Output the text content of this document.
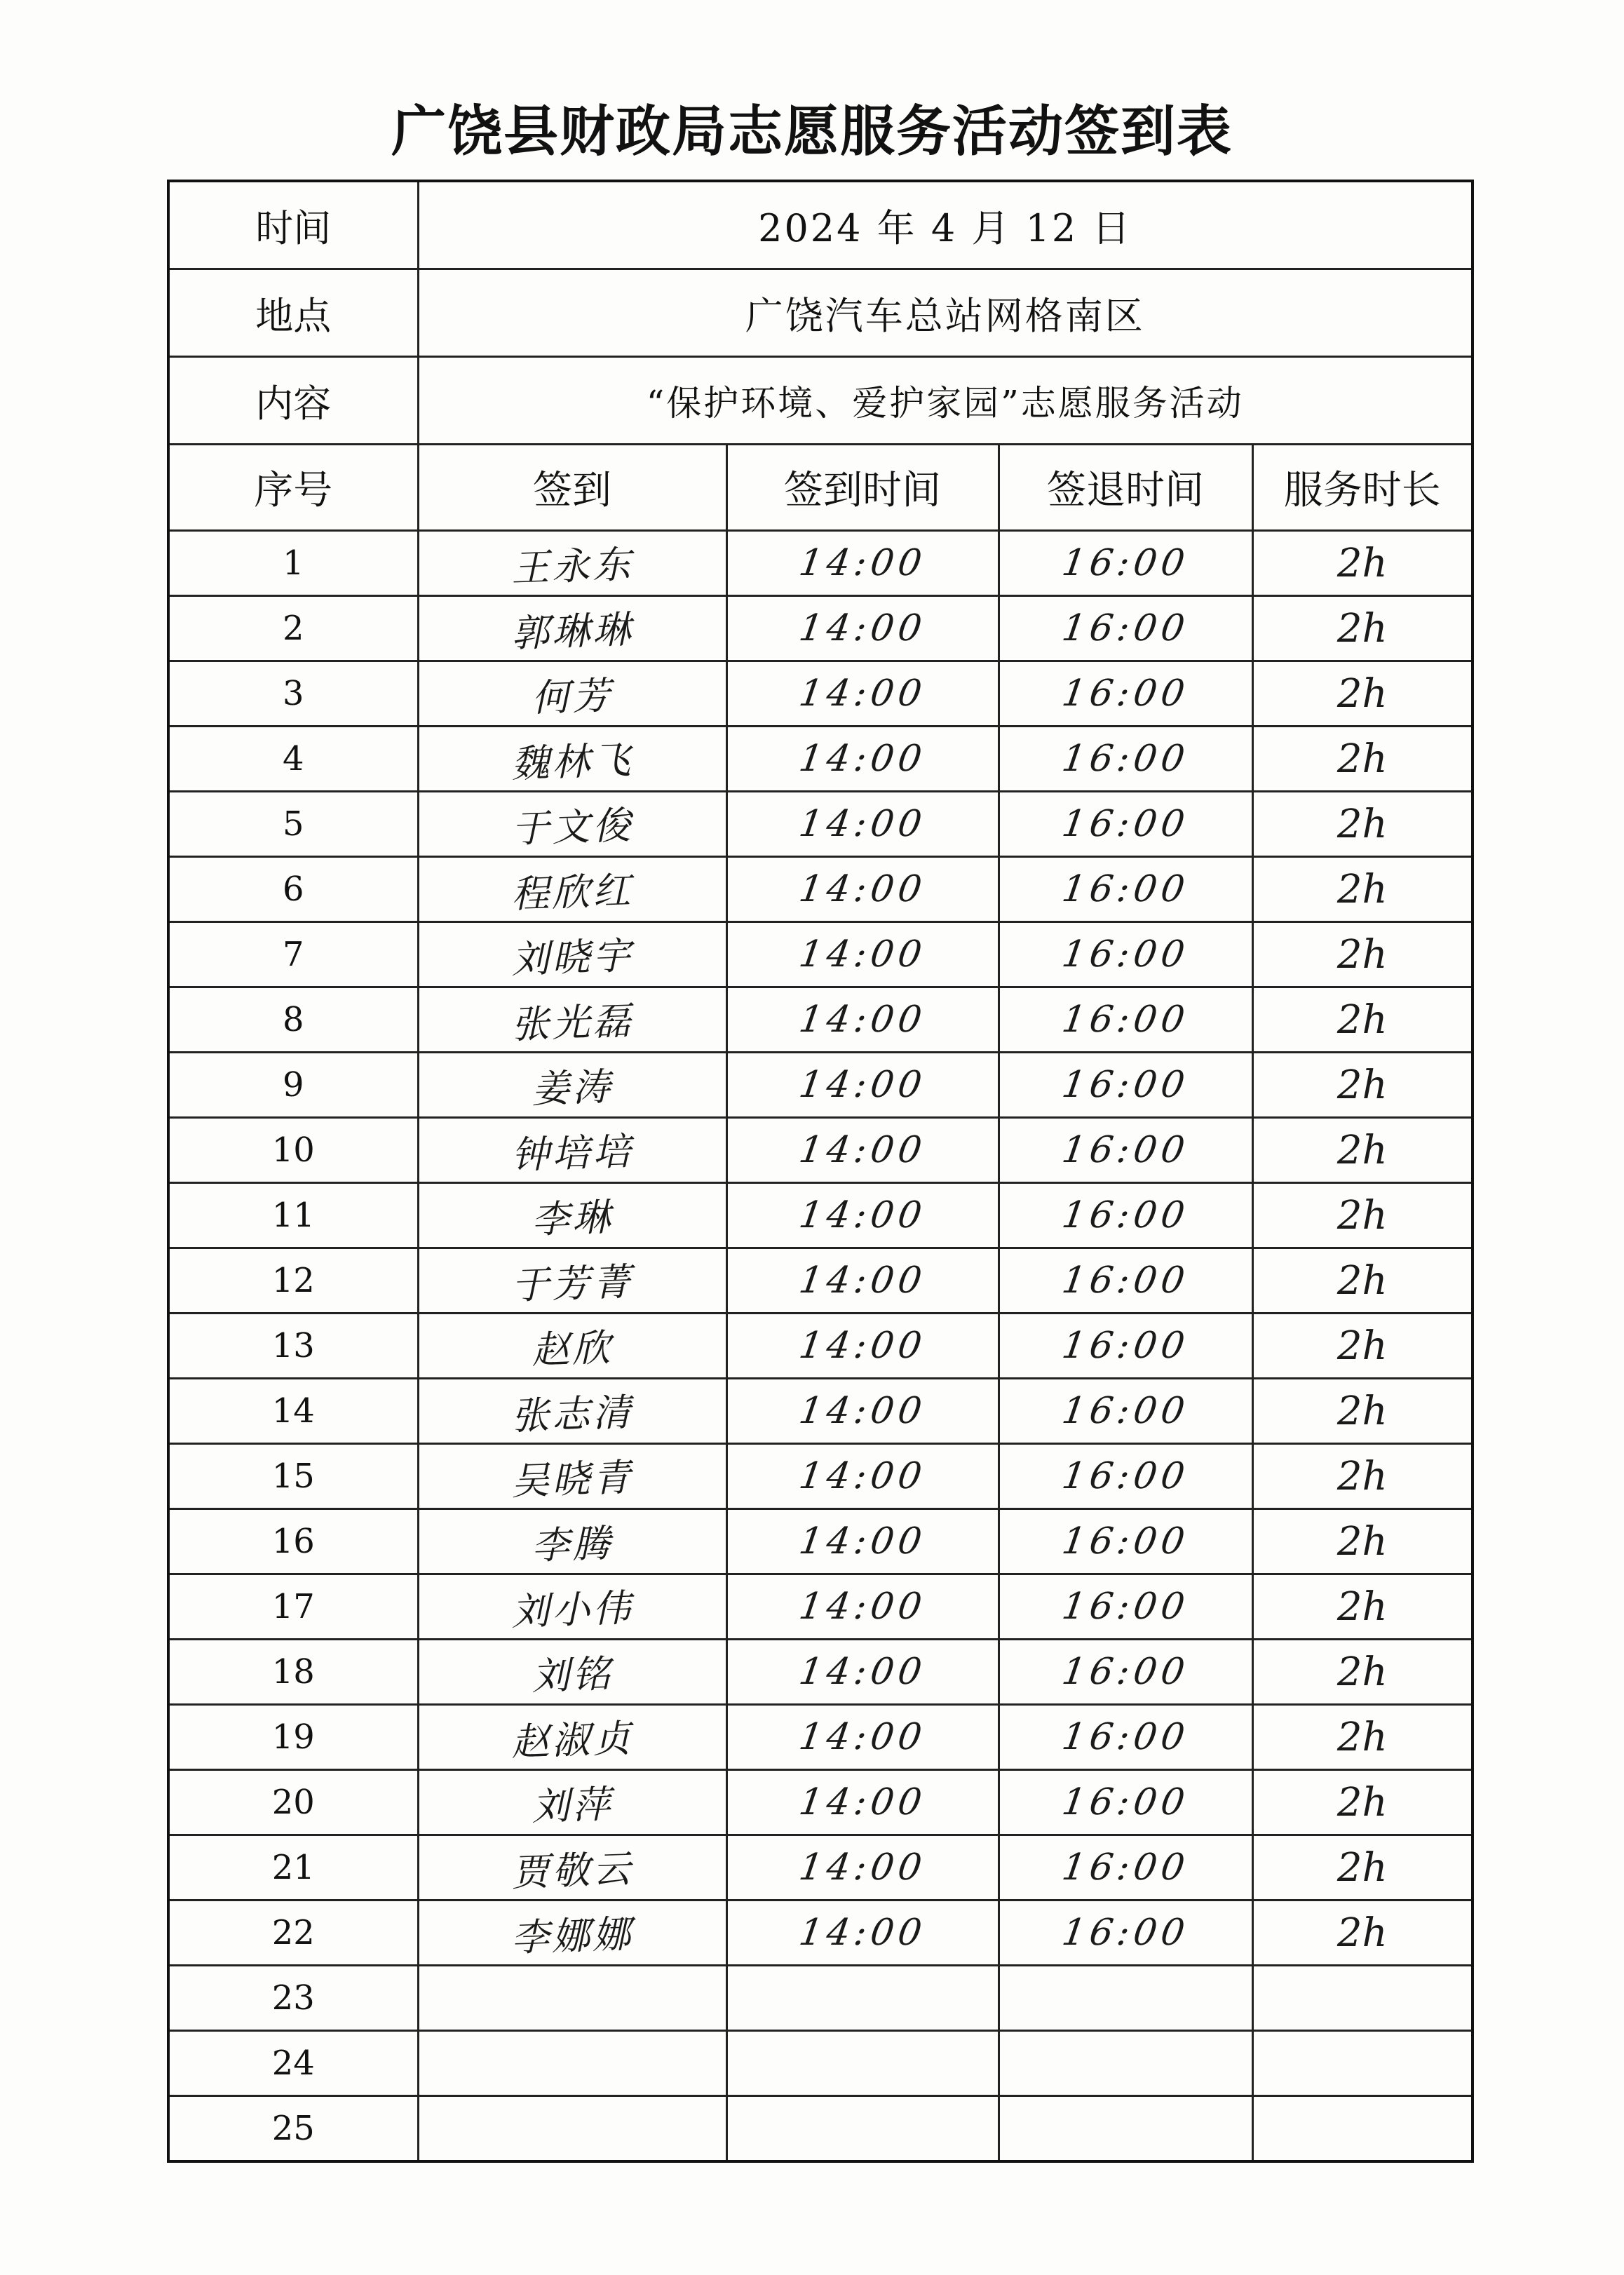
广饶县财政局志愿服务活动签到表
时间	2024 年 4 月 12 日			
地点	广饶汽车总站网格南区			
内容	“保护环境、爱护家园”志愿服务活动			
序号	签到	签到时间	签退时间	服务时长
1	王永东	14:00	16:00	2h
2	郭琳琳	14:00	16:00	2h
3	何芳	14:00	16:00	2h
4	魏林飞	14:00	16:00	2h
5	于文俊	14:00	16:00	2h
6	程欣红	14:00	16:00	2h
7	刘晓宇	14:00	16:00	2h
8	张光磊	14:00	16:00	2h
9	姜涛	14:00	16:00	2h
10	钟培培	14:00	16:00	2h
11	李琳	14:00	16:00	2h
12	于芳菁	14:00	16:00	2h
13	赵欣	14:00	16:00	2h
14	张志清	14:00	16:00	2h
15	吴晓青	14:00	16:00	2h
16	李腾	14:00	16:00	2h
17	刘小伟	14:00	16:00	2h
18	刘铭	14:00	16:00	2h
19	赵淑贞	14:00	16:00	2h
20	刘萍	14:00	16:00	2h
21	贾敬云	14:00	16:00	2h
22	李娜娜	14:00	16:00	2h
23				
24				
25				
